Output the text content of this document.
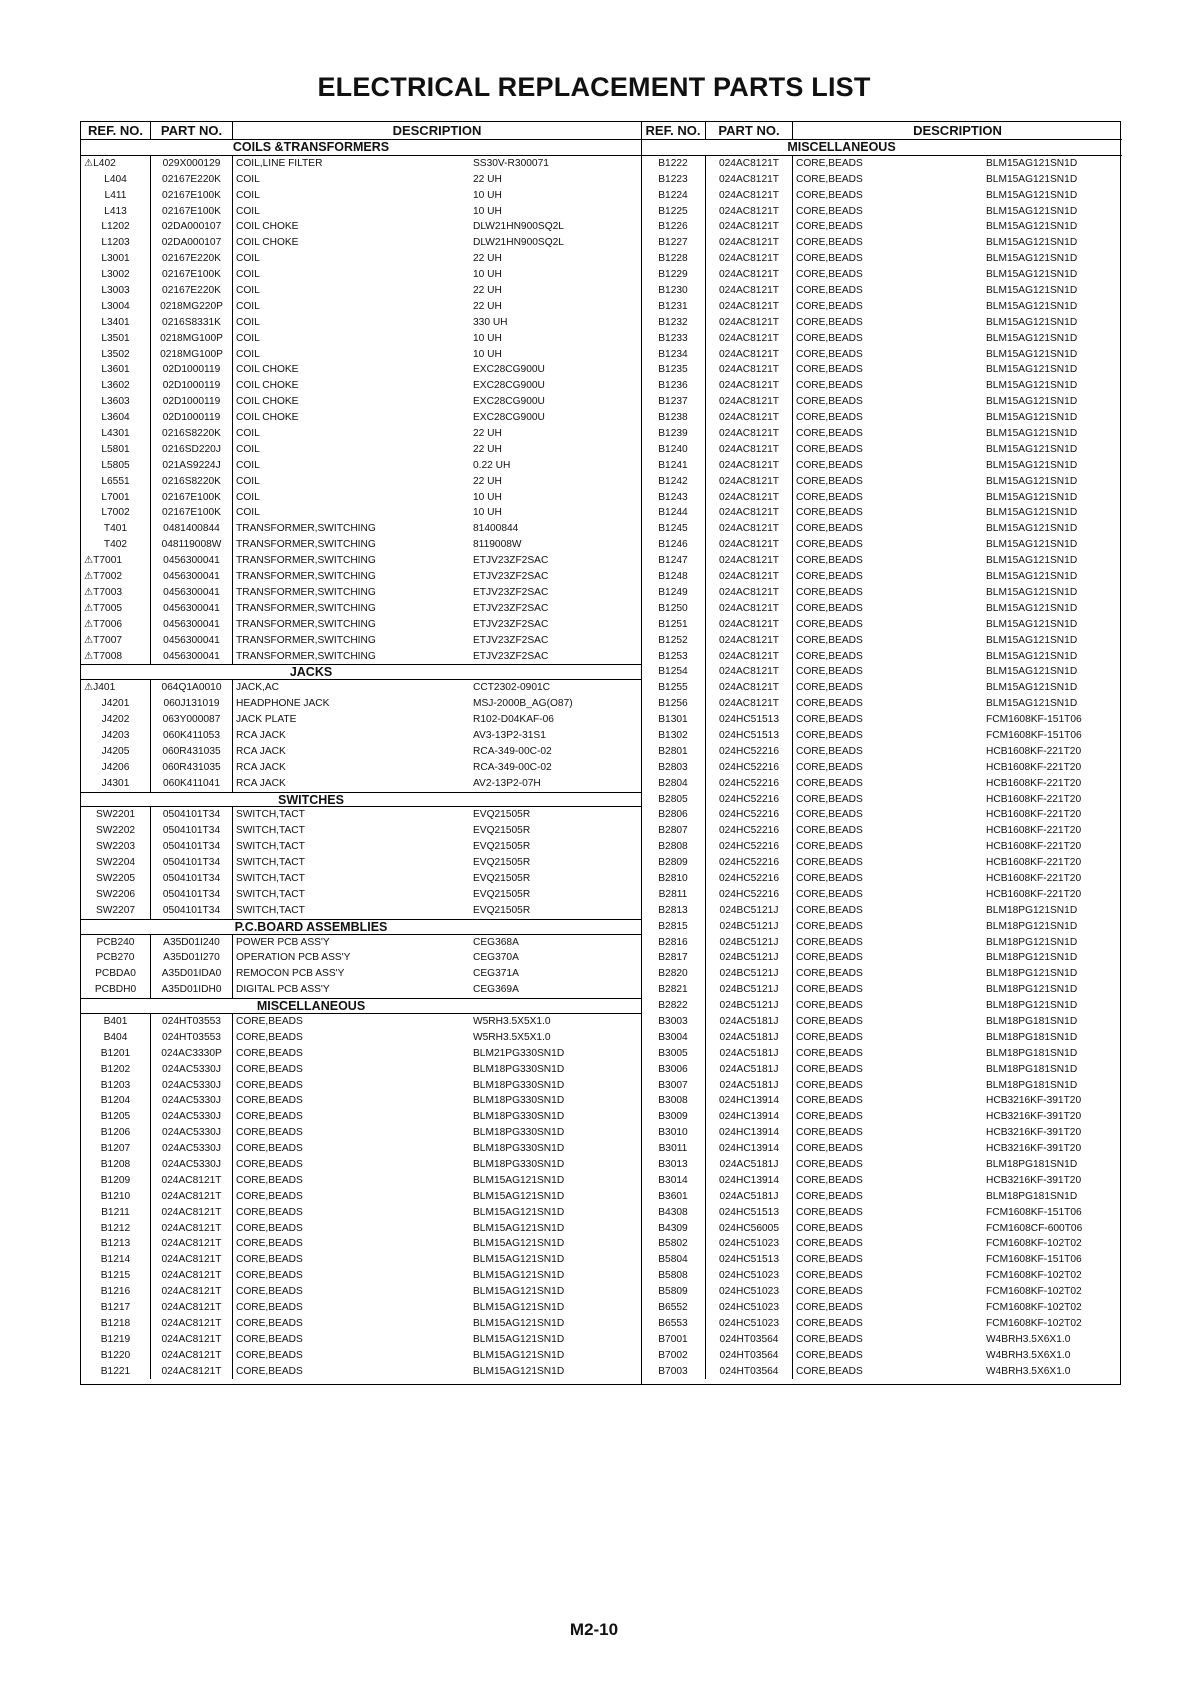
ELECTRICAL REPLACEMENT PARTS LIST
REF. NO.	PART NO.	DESCRIPTION
COILS &TRANSFORMERS
⚠L402	029X000129	COIL,LINE FILTER	SS30V-R300071
L404	02167E220K	COIL	22 UH
L411	02167E100K	COIL	10 UH
L413	02167E100K	COIL	10 UH
L1202	02DA000107	COIL CHOKE	DLW21HN900SQ2L
L1203	02DA000107	COIL CHOKE	DLW21HN900SQ2L
L3001	02167E220K	COIL	22 UH
L3002	02167E100K	COIL	10 UH
L3003	02167E220K	COIL	22 UH
L3004	0218MG220P	COIL	22 UH
L3401	0216S8331K	COIL	330 UH
L3501	0218MG100P	COIL	10 UH
L3502	0218MG100P	COIL	10 UH
L3601	02D1000119	COIL CHOKE	EXC28CG900U
L3602	02D1000119	COIL CHOKE	EXC28CG900U
L3603	02D1000119	COIL CHOKE	EXC28CG900U
L3604	02D1000119	COIL CHOKE	EXC28CG900U
L4301	0216S8220K	COIL	22 UH
L5801	0216SD220J	COIL	22 UH
L5805	021AS9224J	COIL	0.22 UH
L6551	0216S8220K	COIL	22 UH
L7001	02167E100K	COIL	10 UH
L7002	02167E100K	COIL	10 UH
T401	0481400844	TRANSFORMER,SWITCHING	81400844
T402	048119008W	TRANSFORMER,SWITCHING	8119008W
⚠T7001	0456300041	TRANSFORMER,SWITCHING	ETJV23ZF2SAC
⚠T7002	0456300041	TRANSFORMER,SWITCHING	ETJV23ZF2SAC
⚠T7003	0456300041	TRANSFORMER,SWITCHING	ETJV23ZF2SAC
⚠T7005	0456300041	TRANSFORMER,SWITCHING	ETJV23ZF2SAC
⚠T7006	0456300041	TRANSFORMER,SWITCHING	ETJV23ZF2SAC
⚠T7007	0456300041	TRANSFORMER,SWITCHING	ETJV23ZF2SAC
⚠T7008	0456300041	TRANSFORMER,SWITCHING	ETJV23ZF2SAC
JACKS
⚠J401	064Q1A0010	JACK,AC	CCT2302-0901C
J4201	060J131019	HEADPHONE JACK	MSJ-2000B_AG(O87)
J4202	063Y000087	JACK PLATE	R102-D04KAF-06
J4203	060K411053	RCA JACK	AV3-13P2-31S1
J4205	060R431035	RCA JACK	RCA-349-00C-02
J4206	060R431035	RCA JACK	RCA-349-00C-02
J4301	060K411041	RCA JACK	AV2-13P2-07H
SWITCHES
SW2201	0504101T34	SWITCH,TACT	EVQ21505R
SW2202	0504101T34	SWITCH,TACT	EVQ21505R
SW2203	0504101T34	SWITCH,TACT	EVQ21505R
SW2204	0504101T34	SWITCH,TACT	EVQ21505R
SW2205	0504101T34	SWITCH,TACT	EVQ21505R
SW2206	0504101T34	SWITCH,TACT	EVQ21505R
SW2207	0504101T34	SWITCH,TACT	EVQ21505R
P.C.BOARD ASSEMBLIES
PCB240	A35D01I240	POWER PCB ASS'Y	CEG368A
PCB270	A35D01I270	OPERATION PCB ASS'Y	CEG370A
PCBDA0	A35D01IDA0	REMOCON PCB ASS'Y	CEG371A
PCBDH0	A35D01IDH0	DIGITAL PCB ASS'Y	CEG369A
MISCELLANEOUS
B401	024HT03553	CORE,BEADS	W5RH3.5X5X1.0
B404	024HT03553	CORE,BEADS	W5RH3.5X5X1.0
B1201	024AC3330P	CORE,BEADS	BLM21PG330SN1D
B1202	024AC5330J	CORE,BEADS	BLM18PG330SN1D
B1203	024AC5330J	CORE,BEADS	BLM18PG330SN1D
B1204	024AC5330J	CORE,BEADS	BLM18PG330SN1D
B1205	024AC5330J	CORE,BEADS	BLM18PG330SN1D
B1206	024AC5330J	CORE,BEADS	BLM18PG330SN1D
B1207	024AC5330J	CORE,BEADS	BLM18PG330SN1D
B1208	024AC5330J	CORE,BEADS	BLM18PG330SN1D
B1209	024AC8121T	CORE,BEADS	BLM15AG121SN1D
B1210	024AC8121T	CORE,BEADS	BLM15AG121SN1D
B1211	024AC8121T	CORE,BEADS	BLM15AG121SN1D
B1212	024AC8121T	CORE,BEADS	BLM15AG121SN1D
B1213	024AC8121T	CORE,BEADS	BLM15AG121SN1D
B1214	024AC8121T	CORE,BEADS	BLM15AG121SN1D
B1215	024AC8121T	CORE,BEADS	BLM15AG121SN1D
B1216	024AC8121T	CORE,BEADS	BLM15AG121SN1D
B1217	024AC8121T	CORE,BEADS	BLM15AG121SN1D
B1218	024AC8121T	CORE,BEADS	BLM15AG121SN1D
B1219	024AC8121T	CORE,BEADS	BLM15AG121SN1D
B1220	024AC8121T	CORE,BEADS	BLM15AG121SN1D
B1221	024AC8121T	CORE,BEADS	BLM15AG121SN1D
REF. NO.	PART NO.	DESCRIPTION
MISCELLANEOUS
B1222	024AC8121T	CORE,BEADS	BLM15AG121SN1D
B1223	024AC8121T	CORE,BEADS	BLM15AG121SN1D
B1224	024AC8121T	CORE,BEADS	BLM15AG121SN1D
B1225	024AC8121T	CORE,BEADS	BLM15AG121SN1D
B1226	024AC8121T	CORE,BEADS	BLM15AG121SN1D
B1227	024AC8121T	CORE,BEADS	BLM15AG121SN1D
B1228	024AC8121T	CORE,BEADS	BLM15AG121SN1D
B1229	024AC8121T	CORE,BEADS	BLM15AG121SN1D
B1230	024AC8121T	CORE,BEADS	BLM15AG121SN1D
B1231	024AC8121T	CORE,BEADS	BLM15AG121SN1D
B1232	024AC8121T	CORE,BEADS	BLM15AG121SN1D
B1233	024AC8121T	CORE,BEADS	BLM15AG121SN1D
B1234	024AC8121T	CORE,BEADS	BLM15AG121SN1D
B1235	024AC8121T	CORE,BEADS	BLM15AG121SN1D
B1236	024AC8121T	CORE,BEADS	BLM15AG121SN1D
B1237	024AC8121T	CORE,BEADS	BLM15AG121SN1D
B1238	024AC8121T	CORE,BEADS	BLM15AG121SN1D
B1239	024AC8121T	CORE,BEADS	BLM15AG121SN1D
B1240	024AC8121T	CORE,BEADS	BLM15AG121SN1D
B1241	024AC8121T	CORE,BEADS	BLM15AG121SN1D
B1242	024AC8121T	CORE,BEADS	BLM15AG121SN1D
B1243	024AC8121T	CORE,BEADS	BLM15AG121SN1D
B1244	024AC8121T	CORE,BEADS	BLM15AG121SN1D
B1245	024AC8121T	CORE,BEADS	BLM15AG121SN1D
B1246	024AC8121T	CORE,BEADS	BLM15AG121SN1D
B1247	024AC8121T	CORE,BEADS	BLM15AG121SN1D
B1248	024AC8121T	CORE,BEADS	BLM15AG121SN1D
B1249	024AC8121T	CORE,BEADS	BLM15AG121SN1D
B1250	024AC8121T	CORE,BEADS	BLM15AG121SN1D
B1251	024AC8121T	CORE,BEADS	BLM15AG121SN1D
B1252	024AC8121T	CORE,BEADS	BLM15AG121SN1D
B1253	024AC8121T	CORE,BEADS	BLM15AG121SN1D
B1254	024AC8121T	CORE,BEADS	BLM15AG121SN1D
B1255	024AC8121T	CORE,BEADS	BLM15AG121SN1D
B1256	024AC8121T	CORE,BEADS	BLM15AG121SN1D
B1301	024HC51513	CORE,BEADS	FCM1608KF-151T06
B1302	024HC51513	CORE,BEADS	FCM1608KF-151T06
B2801	024HC52216	CORE,BEADS	HCB1608KF-221T20
B2803	024HC52216	CORE,BEADS	HCB1608KF-221T20
B2804	024HC52216	CORE,BEADS	HCB1608KF-221T20
B2805	024HC52216	CORE,BEADS	HCB1608KF-221T20
B2806	024HC52216	CORE,BEADS	HCB1608KF-221T20
B2807	024HC52216	CORE,BEADS	HCB1608KF-221T20
B2808	024HC52216	CORE,BEADS	HCB1608KF-221T20
B2809	024HC52216	CORE,BEADS	HCB1608KF-221T20
B2810	024HC52216	CORE,BEADS	HCB1608KF-221T20
B2811	024HC52216	CORE,BEADS	HCB1608KF-221T20
B2813	024BC5121J	CORE,BEADS	BLM18PG121SN1D
B2815	024BC5121J	CORE,BEADS	BLM18PG121SN1D
B2816	024BC5121J	CORE,BEADS	BLM18PG121SN1D
B2817	024BC5121J	CORE,BEADS	BLM18PG121SN1D
B2820	024BC5121J	CORE,BEADS	BLM18PG121SN1D
B2821	024BC5121J	CORE,BEADS	BLM18PG121SN1D
B2822	024BC5121J	CORE,BEADS	BLM18PG121SN1D
B3003	024AC5181J	CORE,BEADS	BLM18PG181SN1D
B3004	024AC5181J	CORE,BEADS	BLM18PG181SN1D
B3005	024AC5181J	CORE,BEADS	BLM18PG181SN1D
B3006	024AC5181J	CORE,BEADS	BLM18PG181SN1D
B3007	024AC5181J	CORE,BEADS	BLM18PG181SN1D
B3008	024HC13914	CORE,BEADS	HCB3216KF-391T20
B3009	024HC13914	CORE,BEADS	HCB3216KF-391T20
B3010	024HC13914	CORE,BEADS	HCB3216KF-391T20
B3011	024HC13914	CORE,BEADS	HCB3216KF-391T20
B3013	024AC5181J	CORE,BEADS	BLM18PG181SN1D
B3014	024HC13914	CORE,BEADS	HCB3216KF-391T20
B3601	024AC5181J	CORE,BEADS	BLM18PG181SN1D
B4308	024HC51513	CORE,BEADS	FCM1608KF-151T06
B4309	024HC56005	CORE,BEADS	FCM1608CF-600T06
B5802	024HC51023	CORE,BEADS	FCM1608KF-102T02
B5804	024HC51513	CORE,BEADS	FCM1608KF-151T06
B5808	024HC51023	CORE,BEADS	FCM1608KF-102T02
B5809	024HC51023	CORE,BEADS	FCM1608KF-102T02
B6552	024HC51023	CORE,BEADS	FCM1608KF-102T02
B6553	024HC51023	CORE,BEADS	FCM1608KF-102T02
B7001	024HT03564	CORE,BEADS	W4BRH3.5X6X1.0
B7002	024HT03564	CORE,BEADS	W4BRH3.5X6X1.0
B7003	024HT03564	CORE,BEADS	W4BRH3.5X6X1.0
M2-10
